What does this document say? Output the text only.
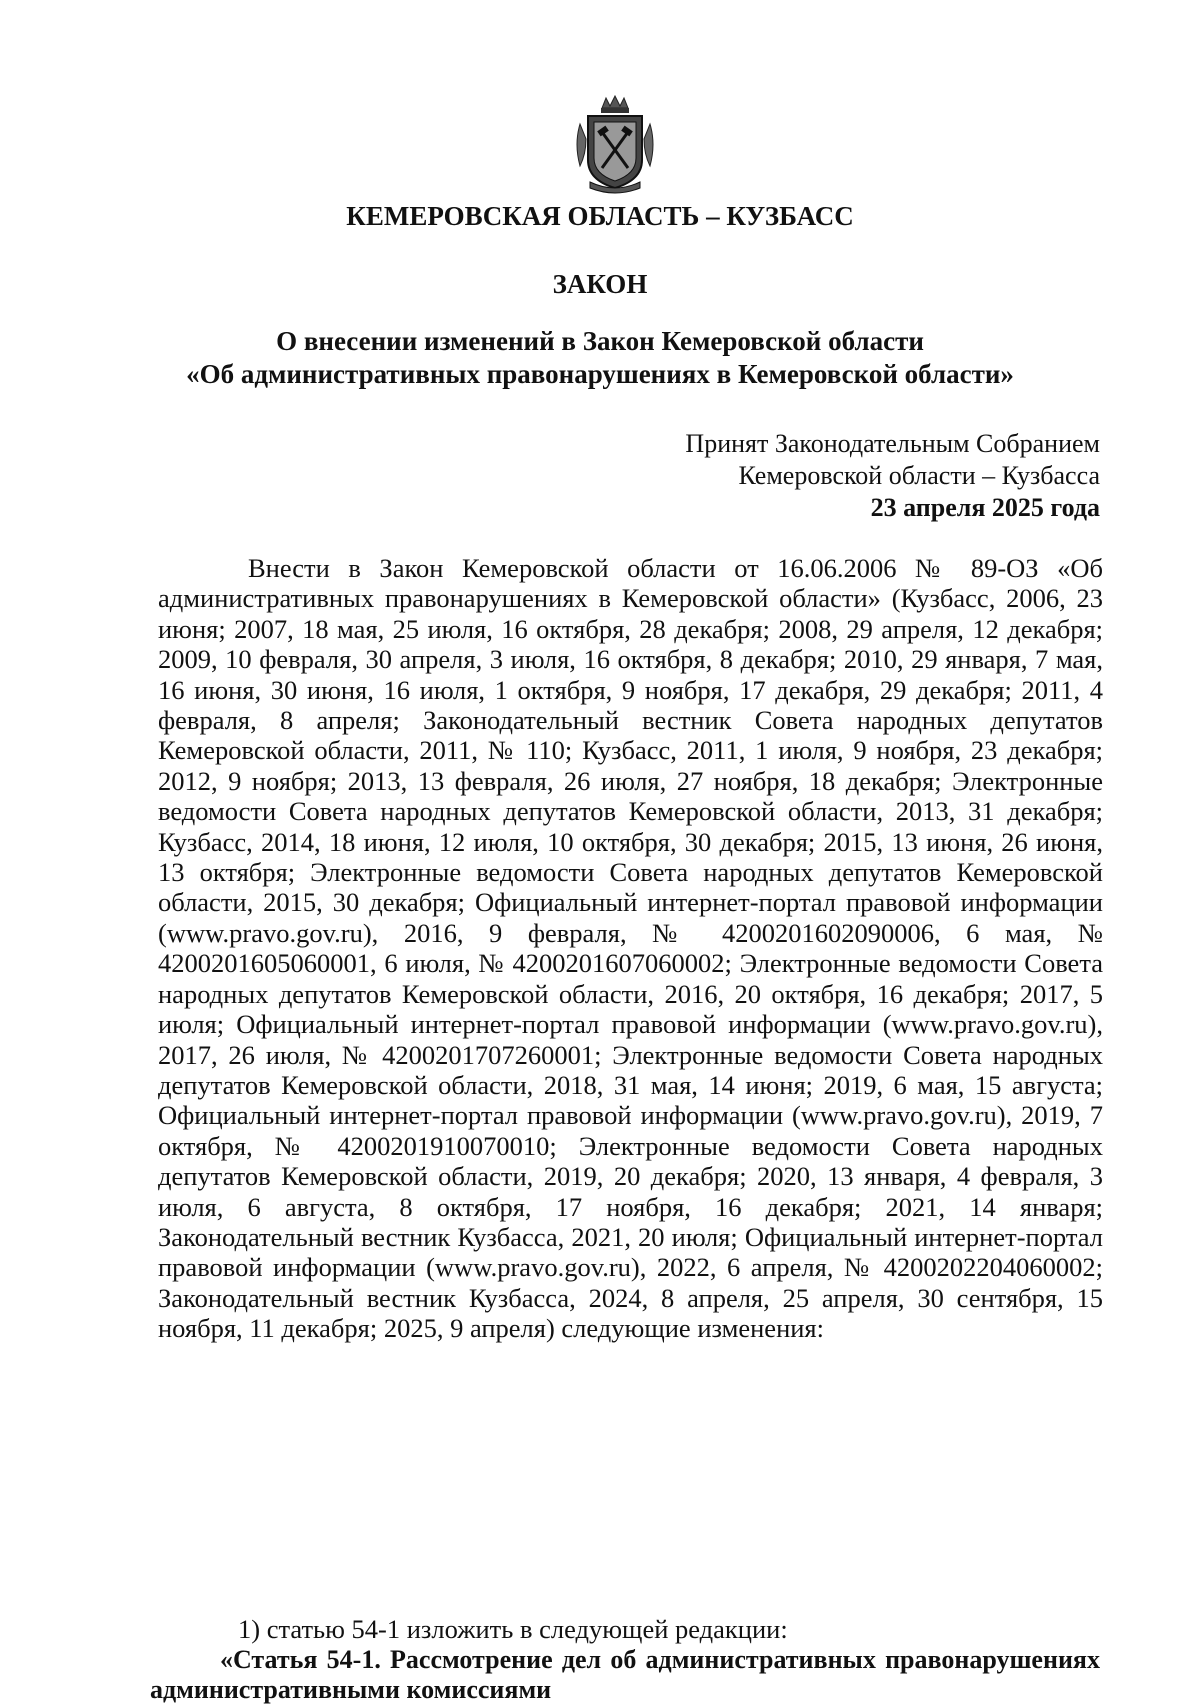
КЕМЕРОВСКАЯ ОБЛАСТЬ – КУЗБАСС
ЗАКОН
О внесении изменений в Закон Кемеровской области
«Об административных правонарушениях в Кемеровской области»
Принят Законодательным Собранием
Кемеровской области – Кузбасса
23 апреля 2025 года

Внести в Закон Кемеровской области от 16.06.2006 № 89-ОЗ «Об административных правонарушениях в Кемеровской области» (Кузбасс, 2006, 23 июня; 2007, 18 мая, 25 июля, 16 октября, 28 декабря; 2008, 29 апреля, 12 декабря; 2009, 10 февраля, 30 апреля, 3 июля, 16 октября, 8 декабря; 2010, 29 января, 7 мая, 16 июня, 30 июня, 16 июля, 1 октября, 9 ноября, 17 декабря, 29 декабря; 2011, 4 февраля, 8 апреля; Законодательный вестник Совета народных депутатов Кемеровской области, 2011, № 110; Кузбасс, 2011, 1 июля, 9 ноября, 23 декабря; 2012, 9 ноября; 2013, 13 февраля, 26 июля, 27 ноября, 18 декабря; Электронные ведомости Совета народных депутатов Кемеровской области, 2013, 31 декабря; Кузбасс, 2014, 18 июня, 12 июля, 10 октября, 30 декабря; 2015, 13 июня, 26 июня, 13 октября; Электронные ведомости Совета народных депутатов Кемеровской области, 2015, 30 декабря; Официальный интернет-портал правовой информации (www.pravo.gov.ru), 2016, 9 февраля, № 4200201602090006, 6 мая, № 4200201605060001, 6 июля, № 4200201607060002; Электронные ведомости Совета народных депутатов Кемеровской области, 2016, 20 октября, 16 декабря; 2017, 5 июля; Официальный интернет-портал правовой информации (www.pravo.gov.ru), 2017, 26 июля, № 4200201707260001; Электронные ведомости Совета народных депутатов Кемеровской области, 2018, 31 мая, 14 июня; 2019, 6 мая, 15 августа; Официальный интернет-портал правовой информации (www.pravo.gov.ru), 2019, 7 октября, № 4200201910070010; Электронные ведомости Совета народных депутатов Кемеровской области, 2019, 20 декабря; 2020, 13 января, 4 февраля, 3 июля, 6 августа, 8 октября, 17 ноября, 16 декабря; 2021, 14 января; Законодательный вестник Кузбасса, 2021, 20 июля; Официальный интернет-портал правовой информации (www.pravo.gov.ru), 2022, 6 апреля, № 4200202204060002; Законодательный вестник Кузбасса, 2024, 8 апреля, 25 апреля, 30 сентября, 15 ноября, 11 декабря; 2025, 9 апреля) следующие изменения:

1) статью 54-1 изложить в следующей редакции:

«Статья 54-1. Рассмотрение дел об административных правонарушениях административными комиссиями
